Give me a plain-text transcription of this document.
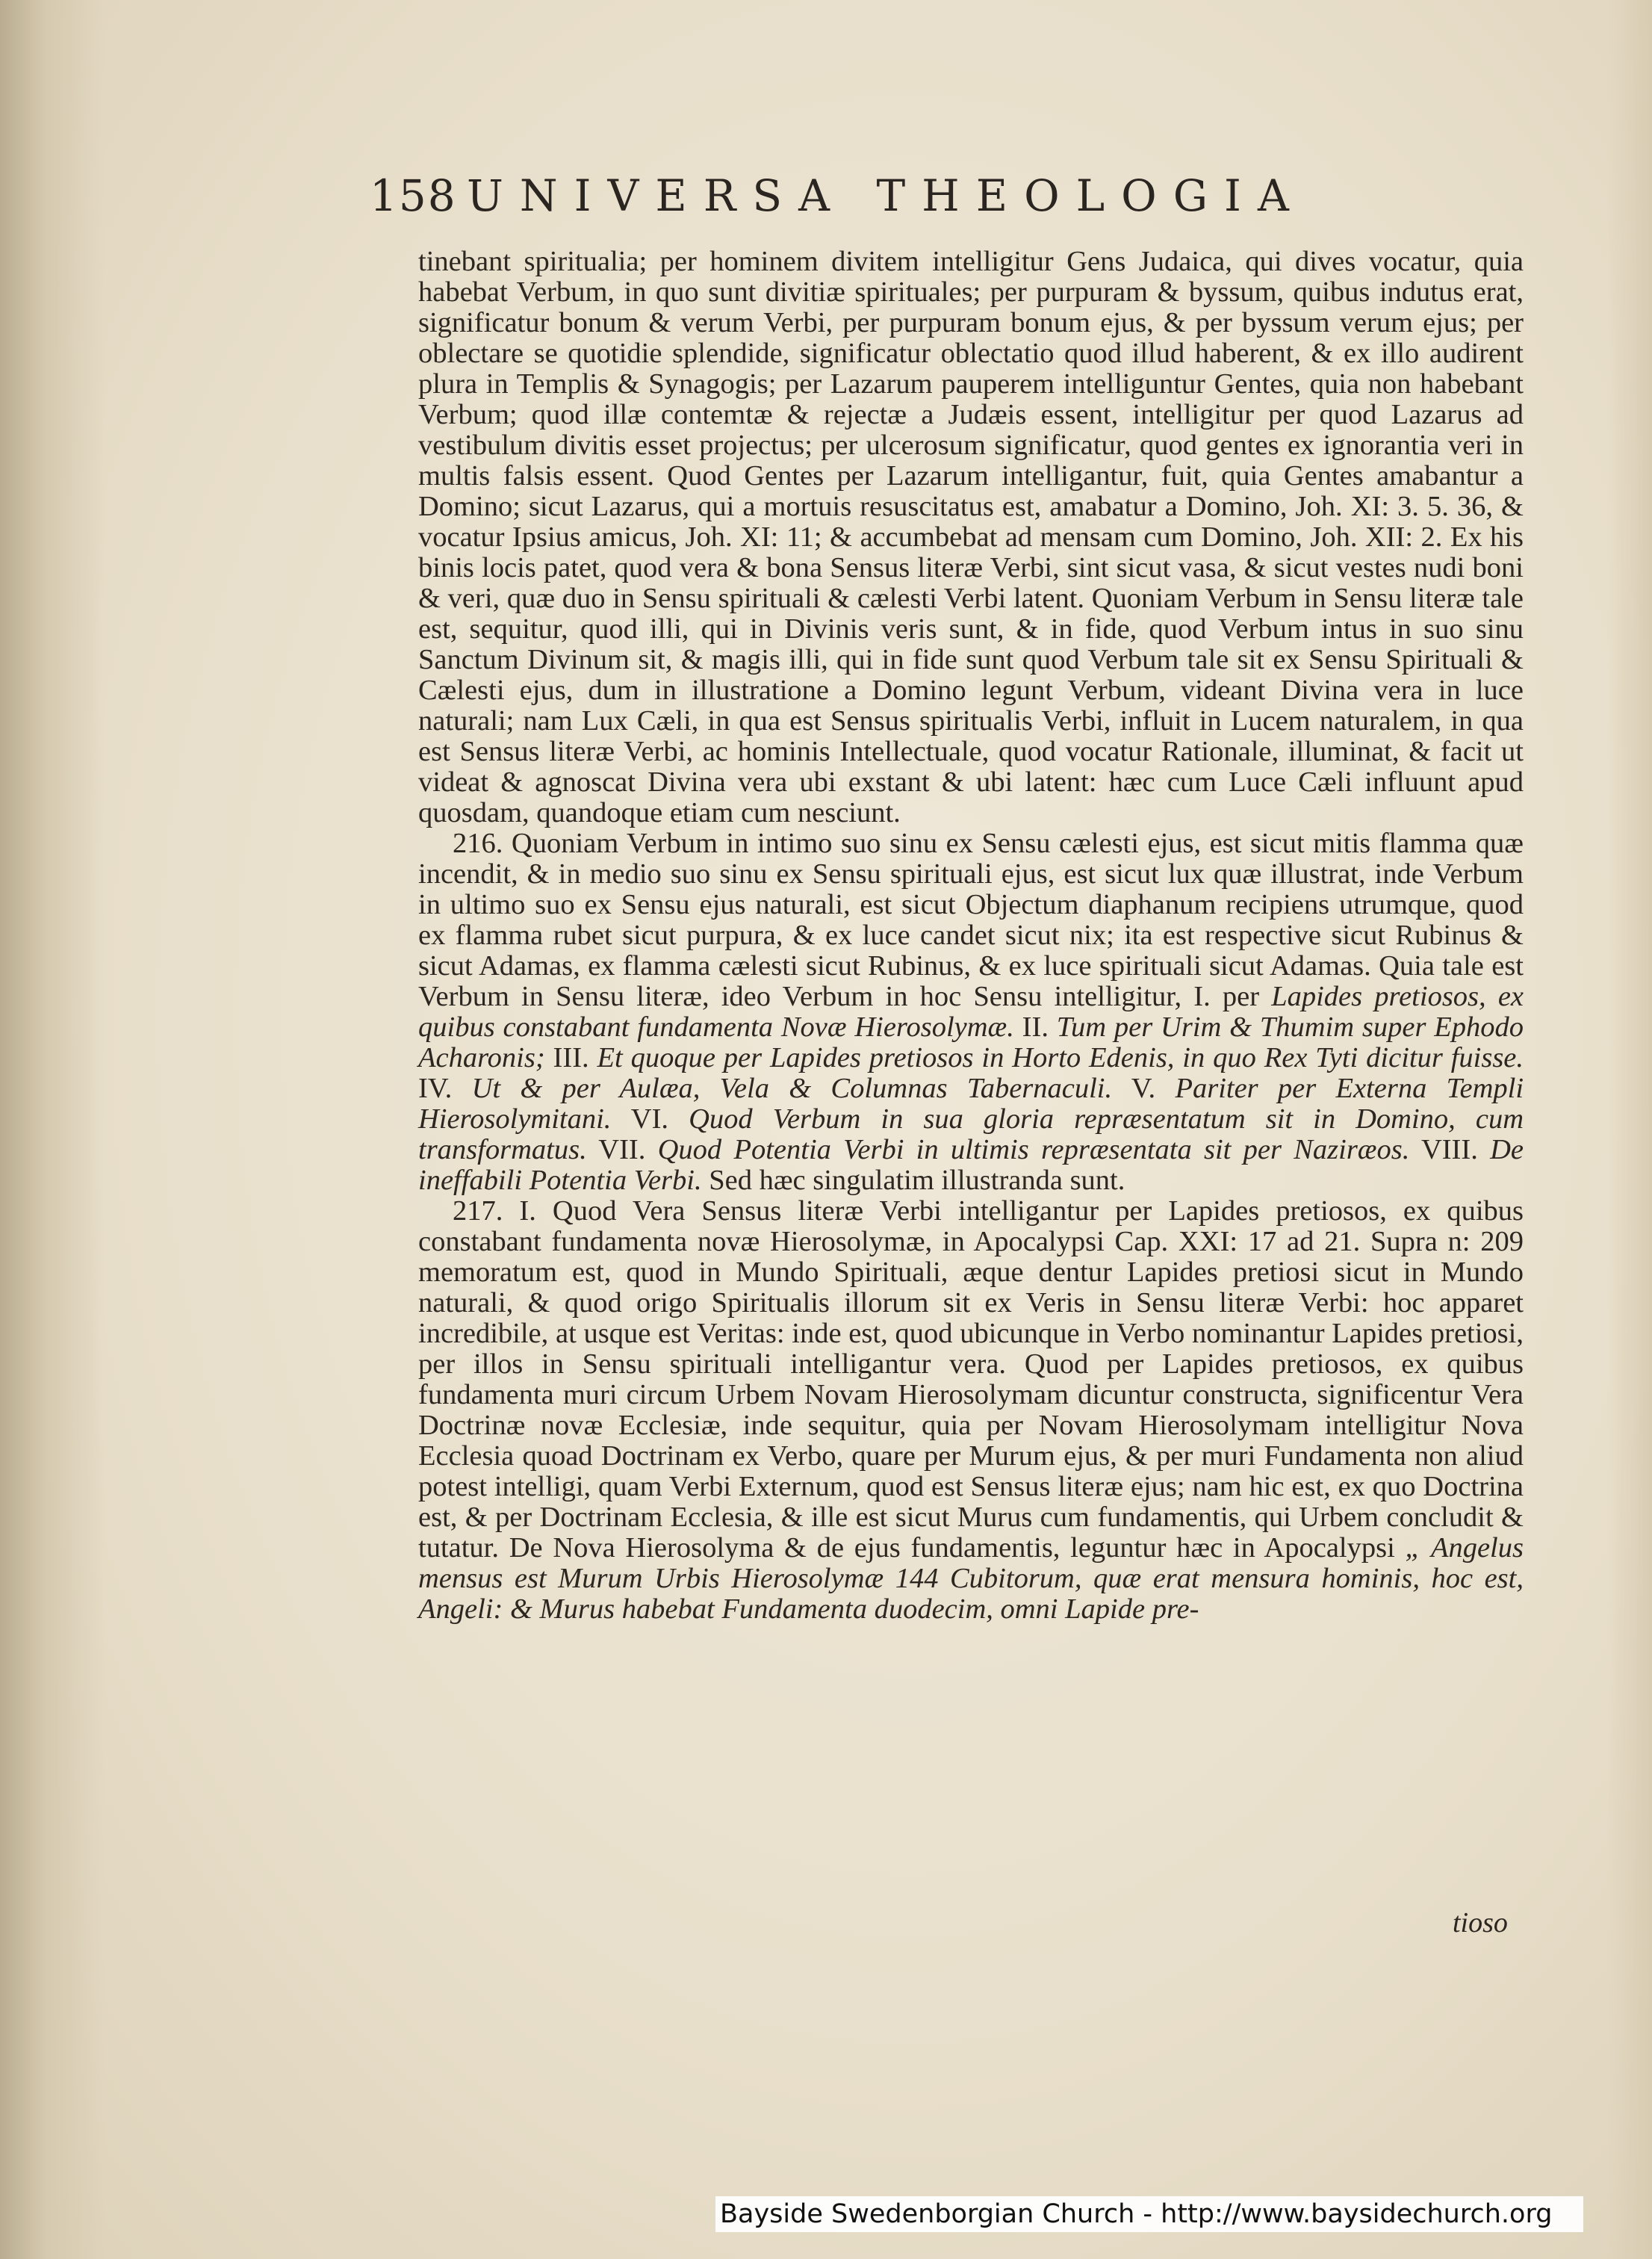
158 UNIVERSA THEOLOGIA

tinebant spiritualia; per hominem divitem intelligitur Gens Judaica, qui dives vocatur, quia habebat Verbum, in quo sunt divitiæ spirituales; per purpuram & byssum, quibus indutus erat, significatur bonum & verum Verbi, per purpuram bonum ejus, & per byssum verum ejus; per oblectare se quotidie splendide, significatur oblectatio quod illud haberent, & ex illo audirent plura in Templis & Synagogis; per Lazarum pauperem intelliguntur Gentes, quia non habebant Verbum; quod illæ contemtæ & rejectæ a Judæis essent, intelligitur per quod Lazarus ad vestibulum divitis esset projectus; per ulcerosum significatur, quod gentes ex ignorantia veri in multis falsis essent. Quod Gentes per Lazarum intelligantur, fuit, quia Gentes amabantur a Domino; sicut Lazarus, qui a mortuis resuscitatus est, amabatur a Domino, Joh. XI: 3. 5. 36, & vocatur Ipsius amicus, Joh. XI: 11; & accumbebat ad mensam cum Domino, Joh. XII: 2. Ex his binis locis patet, quod vera & bona Sensus literæ Verbi, sint sicut vasa, & sicut vestes nudi boni & veri, quæ duo in Sensu spirituali & cælesti Verbi latent. Quoniam Verbum in Sensu literæ tale est, sequitur, quod illi, qui in Divinis veris sunt, & in fide, quod Verbum intus in suo sinu Sanctum Divinum sit, & magis illi, qui in fide sunt quod Verbum tale sit ex Sensu Spirituali & Cælesti ejus, dum in illustratione a Domino legunt Verbum, videant Divina vera in luce naturali; nam Lux Cæli, in qua est Sensus spiritualis Verbi, influit in Lucem naturalem, in qua est Sensus literæ Verbi, ac hominis Intellectuale, quod vocatur Rationale, illuminat, & facit ut videat & agnoscat Divina vera ubi exstant & ubi latent: hæc cum Luce Cæli influunt apud quosdam, quandoque etiam cum nesciunt.

216. Quoniam Verbum in intimo suo sinu ex Sensu cælesti ejus, est sicut mitis flamma quæ incendit, & in medio suo sinu ex Sensu spirituali ejus, est sicut lux quæ illustrat, inde Verbum in ultimo suo ex Sensu ejus naturali, est sicut Objectum diaphanum recipiens utrumque, quod ex flamma rubet sicut purpura, & ex luce candet sicut nix; ita est respective sicut Rubinus & sicut Adamas, ex flamma cælesti sicut Rubinus, & ex luce spirituali sicut Adamas. Quia tale est Verbum in Sensu literæ, ideo Verbum in hoc Sensu intelligitur, I. per Lapides pretiosos, ex quibus constabant fundamenta Novæ Hierosolymæ. II. Tum per Urim & Thumim super Ephodo Acharonis; III. Et quoque per Lapides pretiosos in Horto Edenis, in quo Rex Tyti dicitur fuisse. IV. Ut & per Aulæa, Vela & Columnas Tabernaculi. V. Pariter per Externa Templi Hierosolymitani. VI. Quod Verbum in sua gloria repræsentatum sit in Domino, cum transformatus. VII. Quod Potentia Verbi in ultimis repræsentata sit per Naziræos. VIII. De ineffabili Potentia Verbi. Sed hæc singulatim illustranda sunt.

217. I. Quod Vera Sensus literæ Verbi intelligantur per Lapides pretiosos, ex quibus constabant fundamenta novæ Hierosolymæ, in Apocalypsi Cap. XXI: 17 ad 21. Supra n: 209 memoratum est, quod in Mundo Spirituali, æque dentur Lapides pretiosi sicut in Mundo naturali, & quod origo Spiritualis illorum sit ex Veris in Sensu literæ Verbi: hoc apparet incredibile, at usque est Veritas: inde est, quod ubicunque in Verbo nominantur Lapides pretiosi, per illos in Sensu spirituali intelligantur vera. Quod per Lapides pretiosos, ex quibus fundamenta muri circum Urbem Novam Hierosolymam dicuntur constructa, significentur Vera Doctrinæ novæ Ecclesiæ, inde sequitur, quia per Novam Hierosolymam intelligitur Nova Ecclesia quoad Doctrinam ex Verbo, quare per Murum ejus, & per muri Fundamenta non aliud potest intelligi, quam Verbi Externum, quod est Sensus literæ ejus; nam hic est, ex quo Doctrina est, & per Doctrinam Ecclesia, & ille est sicut Murus cum fundamentis, qui Urbem concludit & tutatur. De Nova Hierosolyma & de ejus fundamentis, leguntur hæc in Apocalypsi „ Angelus mensus est Murum Urbis Hierosolymæ 144 Cubitorum, quæ erat mensura hominis, hoc est, Angeli: & Murus habebat Fundamenta duodecim, omni Lapide pre-

tioso
Bayside Swedenborgian Church - http://www.baysidechurch.org
